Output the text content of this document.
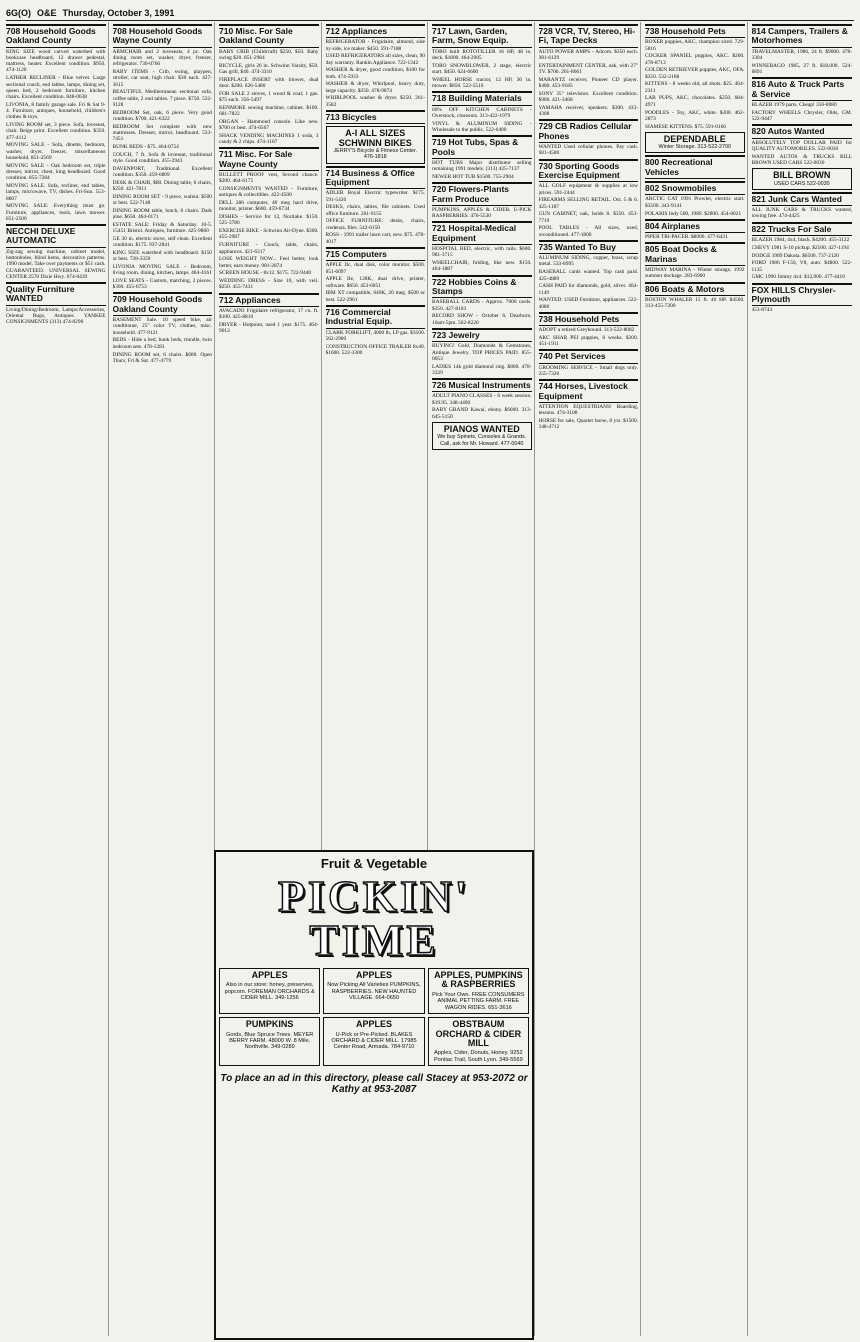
6G(O) O&E Thursday, October 3, 1991
708 Household Goods Oakland County
KING SIZE wood carved waterbed with bookcase headboard, 12 drawer pedestal, mattress, heater. Excellent condition. $950. 474-1120
LATHER RECLINER - Blue velvet. Large sectional couch, end tables, lamps, dining set, queen bed, 2 bedroom furniture, kitchen chairs. Excellent condition. 848-0638
LIVONIA, 8 family garage sale. Fri & Sat 9-4. Furniture, antiques, household, children's clothes & toys.
LIVING ROOM set, 3 piece. Sofa, loveseat, chair. Beige print. Excellent condition. $350. 477-4112
MOVING SALE - Sofa, dinette, bedroom, washer, dryer, freezer, miscellaneous household. 851-2569
MOVING SALE - Oak bedroom set, triple dresser, mirror, chest, king headboard. Good condition. 855-7284
MOVING SALE. Sofa, recliner, end tables, lamps, microwave, TV, dishes. Fri-Sun. 553-8807
MOVING SALE: Everything must go. Furniture, appliances, tools, lawn mower. 851-2500
NECCHI DELUXE AUTOMATIC
Zig-zag sewing machine, cabinet model, buttonholes, blind hems, decorative patterns. 1990 model. Take over payments or $51 cash. GUARANTEED. UNIVERSAL SEWING CENTER 2570 Dixie Hwy. 674-0439
Quality Furniture WANTED
Living/Dining/Bedroom, Lamps/Accessories, Oriental Rugs, Antiques. YANKEE CONSIGNMENTS (313) 474-0290
708 Household Goods Wayne County
ARMCHAIR and 2 loveseats, 4 pc. Oak dining room set, washer, dryer, freezer, refrigerator. 730-0766
BABY ITEMS - Crib, swing, playpen, stroller, car seat, high chair. $30 each. 427-3615
BEAUTIFUL Mediterranean sectional sofa, coffee table, 2 end tables. 7 piece. $750. 532-9128
BEDROOM Set, oak, 6 piece. Very good condition. $700. 421-6322
BEDROOM Set complete with new mattresses. Dresser, mirror, headboard. 533-7451
BUNK BEDS - $75. 464-0754
COUCH, 7 ft. Sofa & loveseat, traditional style. Good condition. 455-2943
DAVENPORT, Traditional. Excellent condition. $350. 459-6809
DESK & CHAIR, $80. Dining table, 6 chairs, $250. 421-7011
DINING ROOM SET - 9 piece, walnut. $500 or best. 522-7148
DINING ROOM table, hutch, 6 chairs. Dark pine. $650. 464-0171
ESTATE SALE: Friday & Saturday. 10-5. 15451 Bristol. Antiques, furniture. 425-9860
GE 30 in. electric stove, self clean. Excellent condition. $175. 937-2841
KING SIZE waterbed with headboard. $150 or best. 728-3359
LIVONIA MOVING SALE - Bedroom, living room, dining, kitchen, lamps. 464-4161
LOVE SEATS - Custom, matching, 2 pieces. $300. 455-6753
709 Household Goods Oakland County
BASEMENT Sale. 10 speed bike, air conditioner, 25" color TV, clothes, misc. household. 477-9121
BEDS - Hide a bed, bunk beds, trundle, twin bedroom sets. 478-1283
DINING ROOM set, 6 chairs. $600. Open Thurs, Fri & Sat. 477-4779
710 Misc. For Sale Oakland County
BABY CRIB (Childcraft) $250, $50. Baby swing $20. 851-2984
BICYCLE, girls 26 in. Schwinn Varsity, $50. Gas grill, $40. 474-3310
FIREPLACE INSERT with blower, dual door. $200. 626-5480
FOR SALE 2 stoves, 1 wood & coal; 1 gas. $75 each. 356-5497
KENMORE sewing machine, cabinet. $100. 681-7822
ORGAN - Hammond console. Like new. $700 or best. 474-0567
SHACK VENDING MACHINES 1 soda, 3 candy & 2 chips. 474-1187
711 Misc. For Sale Wayne County
BULLETT PROOF vest, Second chance. $200. 464-6175
CONSIGNMENTS WANTED - Furniture, antiques & collectibles. 422-4500
DELL 286 computer, 40 meg hard drive, monitor, printer. $600. 459-6734
DISHES - Service for 12, Noritake. $150. 525-3786
EXERCISE BIKE - Schwinn Air-Dyne. $300. 455-2987
FURNITURE - Couch, table, chairs, appliances. 421-6317
LOSE WEIGHT NOW... Feel better, look better, earn money. 981-2874
SCREEN HOUSE - 8x12. $175. 722-9440
WEDDING DRESS - Size 10, with veil. $250. 455-7431
712 Appliances
AVACADO Frigidaire refrigerator, 17 cu. ft. $100. 425-8810
DRYER - Hotpoint, used 1 year. $175. 464-9012
712 Appliances
REFRIGERATOR - Frigidaire, almond, side by side, ice maker. $450. 591-7188
USED REFRIGERATORS all sizes, clean, 90 day warranty. Rankin Appliance. 722-1342
WASHER & dryer, good condition, $100 for both. 474-5933
WASHER & dryer, Whirlpool, heavy duty, large capacity. $350. 478-9874
WHIRLPOOL washer & dryer. $250. 261-3582
713 Bicycles
A-I ALL SIZES SCHWINN BIKES
JERRY'S Bicycle & Fitness Center. 476-1818
714 Business & Office Equipment
ADLER Royal Electric typewriter. $175. 591-5436
DESKS, chairs, tables, file cabinets. Used office furniture. 261-9155
OFFICE FURNITURE: desks, chairs, credenza, files. 542-6150
ROSS - 1991 trailer lawn cart, new. $75. 478-4017
715 Computers
APPLE IIc, dual disk, color monitor. $500. 851-6097
APPLE IIe, 128K, dual drive, printer, software. $650. 453-6051
IBM XT compatible, 640K, 20 meg. $500 or best. 522-2961
716 Commercial Industrial Equip.
CLARK FORKLIFT, 4000 lb, LP gas. $3500. 562-2900
CONSTRUCTION OFFICE TRAILER 8x40. $1600. 522-3300
717 Lawn, Garden, Farm, Snow Equip.
TORO built ROTOTILLER 16 HP, 48 in. deck. $1800. 464-2905
TORO SNOWBLOWER, 2 stage, electric start. $450. 624-6600
WHEEL HORSE tractor, 12 HP, 36 in. mower. $850. 522-5516
718 Building Materials
60% OFF KITCHEN CABINETS - Overstock, closeouts. 313-422-1979
VINYL & ALUMINUM SIDING - Wholesale to the public. 522-6400
719 Hot Tubs, Spas & Pools
HOT TUBS Major distributor selling remaining 1991 models. (313) 425-7137
NEWER HOT TUB $1500. 755-2904
720 Flowers-Plants Farm Produce
PUMPKINS, APPLES & CIDER. U-PICK RASPBERRIES. 476-5530
721 Hospital-Medical Equipment
HOSPITAL BED, electric, with rails. $600. 981-3715
WHEELCHAIR, folding, like new. $150. 464-1887
722 Hobbies Coins & Stamps
BASEBALL CARDS - Approx. 7000 cards. $350. 427-8103
RECORD SHOW - October 6, Dearborn. 10am-5pm. 562-8220
723 Jewelry
BUYING! Gold, Diamonds & Gemstones, Antique Jewelry. TOP PRICES PAID. 855-0053
LADIES 14k gold diamond ring. $800. 478-3329
726 Musical Instruments
ADULT PIANO CLASSES - 6 week session. $19.95. 348-4400
BABY GRAND Kawai, ebony. $6000. 313-645-5150
PIANOS WANTED
We buy Spinets, Consoles & Grands. Call, ask for Mr. Howard. 477-0040
728 VCR, TV, Stereo, Hi-Fi, Tape Decks
AUTO POWER AMPS - Adcom. $350 each. 981-6129
ENTERTAINMENT CENTER, oak, with 27" TV. $700. 261-8661
MARANTZ receiver, Pioneer CD player. $400. 453-9185
SONY 35" television. Excellent condition. $900. 421-3468
YAMAHA receiver, speakers. $300. 433-4308
729 CB Radios Cellular Phones
WANTED Used cellular phones. Pay cash. 681-4500
730 Sporting Goods Exercise Equipment
ALL GOLF equipment & supplies at low prices. 591-2444
FIREARMS SELLING RETAIL. Oct. 5 & 6. 425-1187
GUN CABINET, oak, holds 8. $350. 453-7719
POOL TABLES - All sizes, used, reconditioned. 477-1800
735 Wanted To Buy
ALUMINUM SIDING, copper, brass, scrap metal. 533-8995
BASEBALL cards wanted. Top cash paid. 425-4889
CASH PAID for diamonds, gold, silver. 464-1149
WANTED: USED Furniture, appliances. 522-4080
738 Household Pets
ADOPT a retired Greyhound. 313-522-8082
AKC SHAR PEI puppies, 8 weeks. $300. 451-1911
740 Pet Services
GROOMING SERVICE - Small dogs only. 255-7326
744 Horses, Livestock Equipment
ATTENTION EQUESTRIANS! Boarding, lessons. 474-3108
HORSE for sale, Quarter horse, 8 yrs. $1500. 348-4712
738 Household Pets
BOXER puppies, AKC, champion sired. 729-5816
COCKER SPANIEL puppies, AKC. $200. 478-8713
GOLDEN RETRIEVER puppies, AKC, OFA. $350. 532-2168
KITTENS - 8 weeks old, all shots. $25. 464-2311
LAB PUPS, AKC, chocolates. $250. 684-4971
POODLES - Toy, AKC, white. $300. 462-2873
SIAMESE KITTENS. $75. 591-0166
DEPENDABLE
Winter Storage. 313-522-2700
800 Recreational Vehicles
802 Snowmobiles
ARCTIC CAT 1991 Prowler, electric start. $3500. 343-9141
POLARIS Indy 500, 1989. $2800. 454-0021
804 Airplanes
PIPER TRI-PACER. $8000. 477-6431
805 Boat Docks & Marinas
MIDWAY MARINA - Winter storage, 1992 summer dockage. 283-6960
806 Boats & Motors
BOSTON WHALER 15 ft. 40 HP. $4500. 313-455-7200
814 Campers, Trailers & Motorhomes
TRAVELMASTER, 1986, 24 ft. $9000. 478-3304
WINNEBAGO 1985, 27 ft. $18,000. 524-8891
816 Auto & Truck Parts & Service
BLAZER 1979 parts. Cheap! 356-8080
FACTORY WHEELS Chrysler, Olds, GM. 522-9447
820 Autos Wanted
ABSOLUTELY TOP DOLLAR PAID for QUALITY AUTOMOBILES. 522-0030
WANTED AUTOS & TRUCKS BILL BROWN USED CARS 522-0030
BILL BROWN
USED CARS 522-0030
821 Junk Cars Wanted
ALL JUNK CARS & TRUCKS wanted, towing free. 474-4425
822 Trucks For Sale
BLAZER 1984, 4x4, black. $4200. 455-3122
CHEVY 1981 S-10 pickup. $2500. 427-1194
DODGE 1989 Dakota. $6500. 737-2120
FORD 1986 F-150, V8, auto. $4800. 522-1135
GMC 1990 Jimmy 4x4. $12,900. 477-4410
FOX HILLS Chrysler-Plymouth
453-8743
Fruit & Vegetable
PICKIN' TIME
APPLES
Also in our store: honey, preserves, popcorn. FOREMAN ORCHARDS & CIDER MILL. 349-1256
APPLES
Now Picking All Varieties PUMPKINS, RASPBERRIES. NEW HAUNTED VILLAGE. 664-0650
APPLES, PUMPKINS & RASPBERRIES
Pick Your Own. FREE CONSUMERS ANIMAL PETTING FARM. FREE WAGON RIDES. 651-3616
PUMPKINS
Gords, Blue Spruce Trees. MEYER BERRY FARM. 48000 W. 8 Mile, Northville. 349-0289
APPLES
U-Pick or Pre-Picked. BLAKES ORCHARD & CIDER MILL. 17985 Center Road, Armada. 784-9710
OBSTBAUM ORCHARD & CIDER MILL
Apples, Cider, Donuts, Honey. 9252 Pontiac Trail, South Lyon. 349-5569
To place an ad in this directory, please call Stacey at 953-2072 or Kathy at 953-2087
